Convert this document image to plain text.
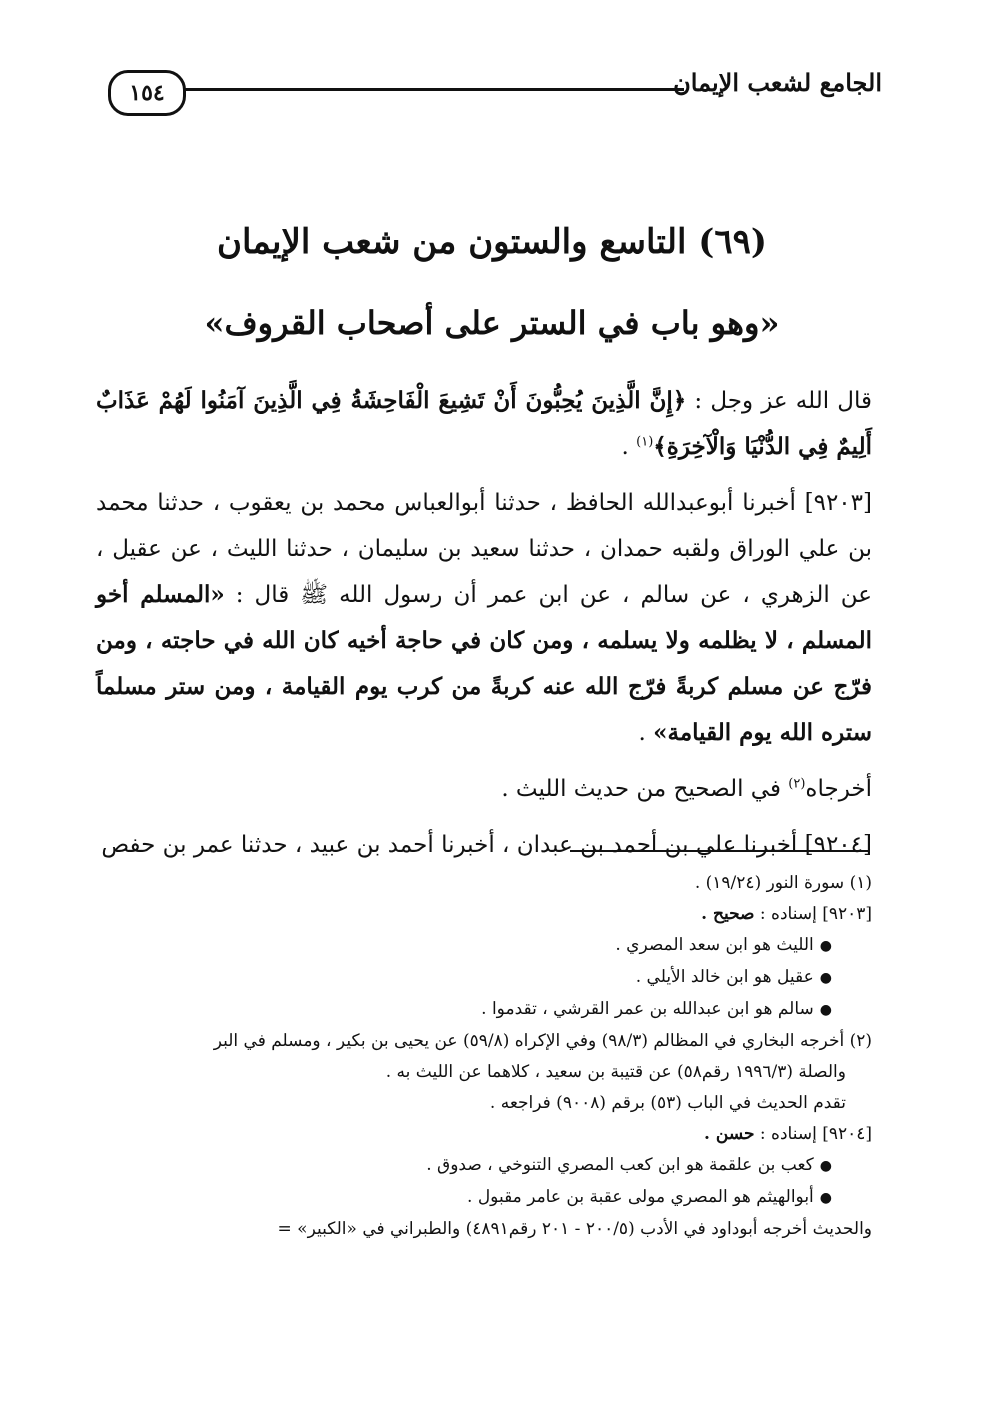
١٥٤	الجامع لشعب الإيمان
(٦٩) التاسع والستون من شعب الإيمان
«وهو باب في الستر على أصحاب القروف»

قال الله عز وجل : ﴿إِنَّ الَّذِينَ يُحِبُّونَ أَنْ تَشِيعَ الْفَاحِشَةُ فِي الَّذِينَ آمَنُوا لَهُمْ عَذَابٌ أَلِيمٌ فِي الدُّنْيَا وَالْآخِرَةِ﴾$^{(١)}$ .

[٩٢٠٣] أخبرنا أبوعبدالله الحافظ ، حدثنا أبوالعباس محمد بن يعقوب ، حدثنا محمد بن علي الوراق ولقبه حمدان ، حدثنا سعيد بن سليمان ، حدثنا الليث ، عن عقيل ، عن الزهري ، عن سالم ، عن ابن عمر أن رسول الله ﷺ قال : «المسلم أخو المسلم ، لا يظلمه ولا يسلمه ، ومن كان في حاجة أخيه كان الله في حاجته ، ومن فرّج عن مسلم كربةً فرّج الله عنه كربةً من كرب يوم القيامة ، ومن ستر مسلماً ستره الله يوم القيامة» .

أخرجاه$^{(٢)}$ في الصحيح من حديث الليث .

[٩٢٠٤] أخبرنا علي بن أحمد بن عبدان ، أخبرنا أحمد بن عبيد ، حدثنا عمر بن حفص

(١) سورة النور (١٩/٢٤) .

[٩٢٠٣] إسناده : صحيح .

●الليث هو ابن سعد المصري .

●عقيل هو ابن خالد الأيلي .

●سالم هو ابن عبدالله بن عمر القرشي ، تقدموا .

(٢) أخرجه البخاري في المظالم (٩٨/٣) وفي الإكراه (٥٩/٨) عن يحيى بن بكير ، ومسلم في البر

والصلة (١٩٩٦/٣ رقم٥٨) عن قتيبة بن سعيد ، كلاهما عن الليث به .

تقدم الحديث في الباب (٥٣) برقم (٩٠٠٨) فراجعه .

[٩٢٠٤] إسناده : حسن .

●كعب بن علقمة هو ابن كعب المصري التنوخي ، صدوق .

●أبوالهيثم هو المصري مولى عقبة بن عامر مقبول .

والحديث أخرجه أبوداود في الأدب (٢٠٠/٥ - ٢٠١ رقم٤٨٩١) والطبراني في «الكبير» =
